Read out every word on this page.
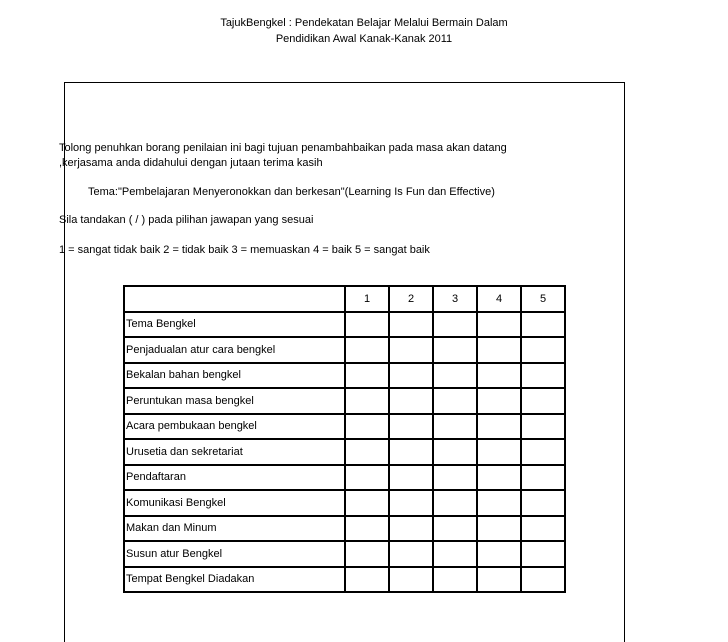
TajukBengkel : Pendekatan Belajar Melalui Bermain Dalam
Pendidikan Awal Kanak-Kanak 2011
Tolong penuhkan borang penilaian ini bagi tujuan penambahbaikan pada masa akan datang
,kerjasama anda didahului dengan jutaan terima kasih
Tema:"Pembelajaran Menyeronokkan dan berkesan"(Learning Is Fun dan Effective)
Sila tandakan ( / ) pada pilihan jawapan yang sesuai
1 = sangat tidak baik 2 = tidak baik 3 = memuaskan 4 = baik 5 = sangat baik
	1	2	3	4	5
Tema Bengkel					
Penjadualan atur cara bengkel					
Bekalan bahan bengkel					
Peruntukan masa bengkel					
Acara pembukaan bengkel					
Urusetia dan sekretariat					
Pendaftaran					
Komunikasi Bengkel					
Makan dan Minum					
Susun atur Bengkel					
Tempat Bengkel Diadakan					
